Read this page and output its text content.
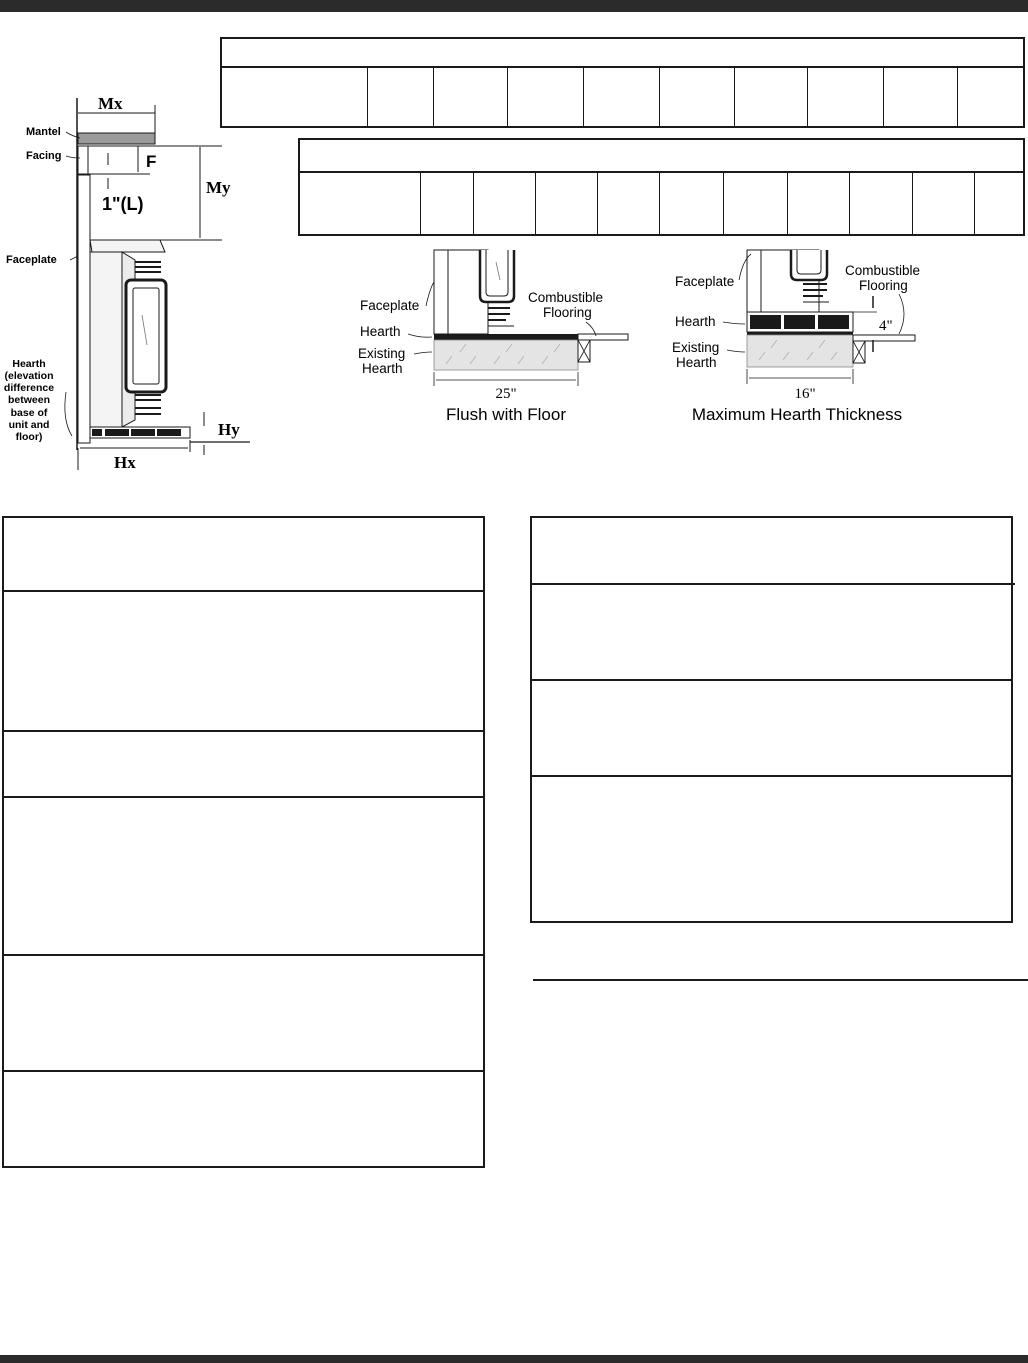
Mx
F
1"(L)
My
Hy
Hx
Mantel
Facing
Faceplate
Hearth
(elevation
difference
between
base of
unit and
floor)
25"
Faceplate
Hearth
Existing
Hearth
Combustible
Flooring
Flush with Floor
4"
16"
Faceplate
Hearth
Existing
Hearth
Combustible
Flooring
Maximum Hearth Thickness
